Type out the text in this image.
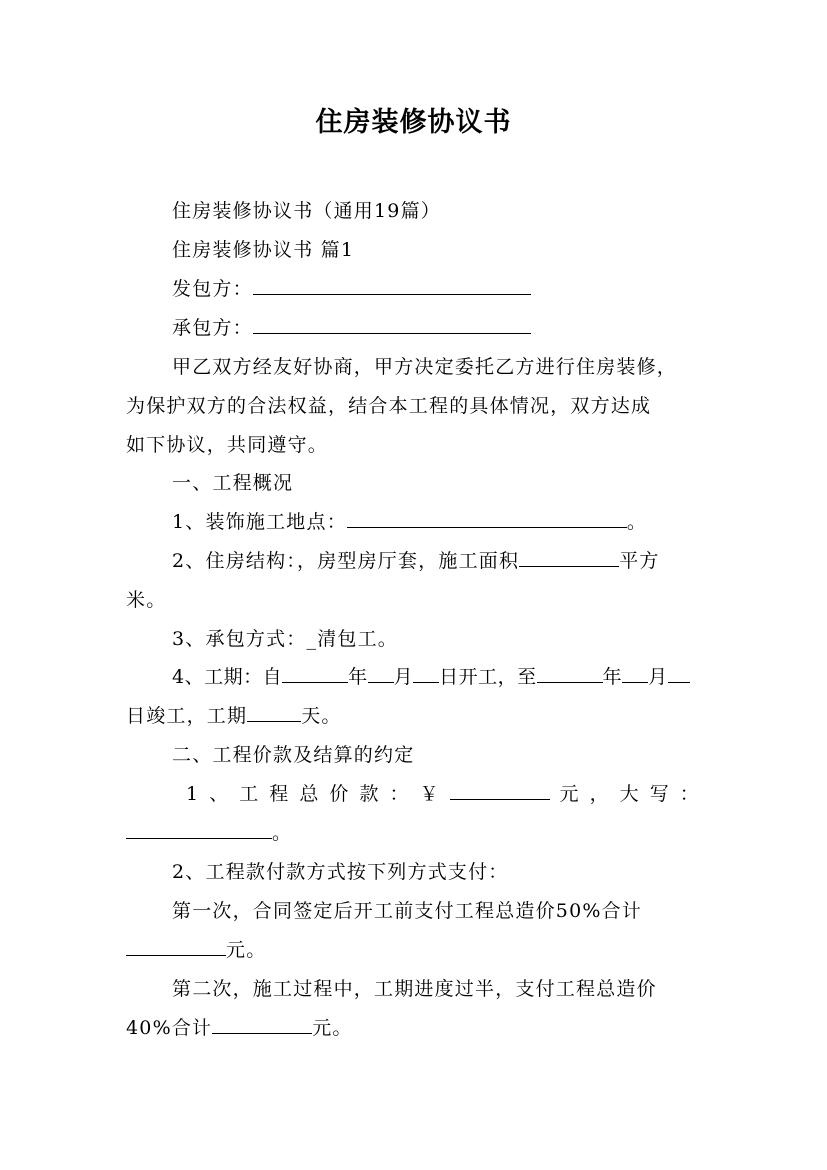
住房装修协议书
住房装修协议书（通用19篇）
住房装修协议书 篇1
发包方：
承包方：
甲乙双方经友好协商，甲方决定委托乙方进行住房装修，
为保护双方的合法权益，结合本工程的具体情况，双方达成
如下协议，共同遵守。
一、工程概况
1、装饰施工地点：	。
2、住房结构：，房型房厅套，施工面积	平方
米。
3、承包方式：_清包工。
4、工期：自	年 月 日开工，至	年 月
日竣工，工期	天。
二、工程价款及结算的约定
1、工程总价款：￥	元，大写：
。
2、工程款付款方式按下列方式支付：
第一次，合同签定后开工前支付工程总造价50%合计
元。
第二次，施工过程中，工期进度过半，支付工程总造价
40%合计	元。
